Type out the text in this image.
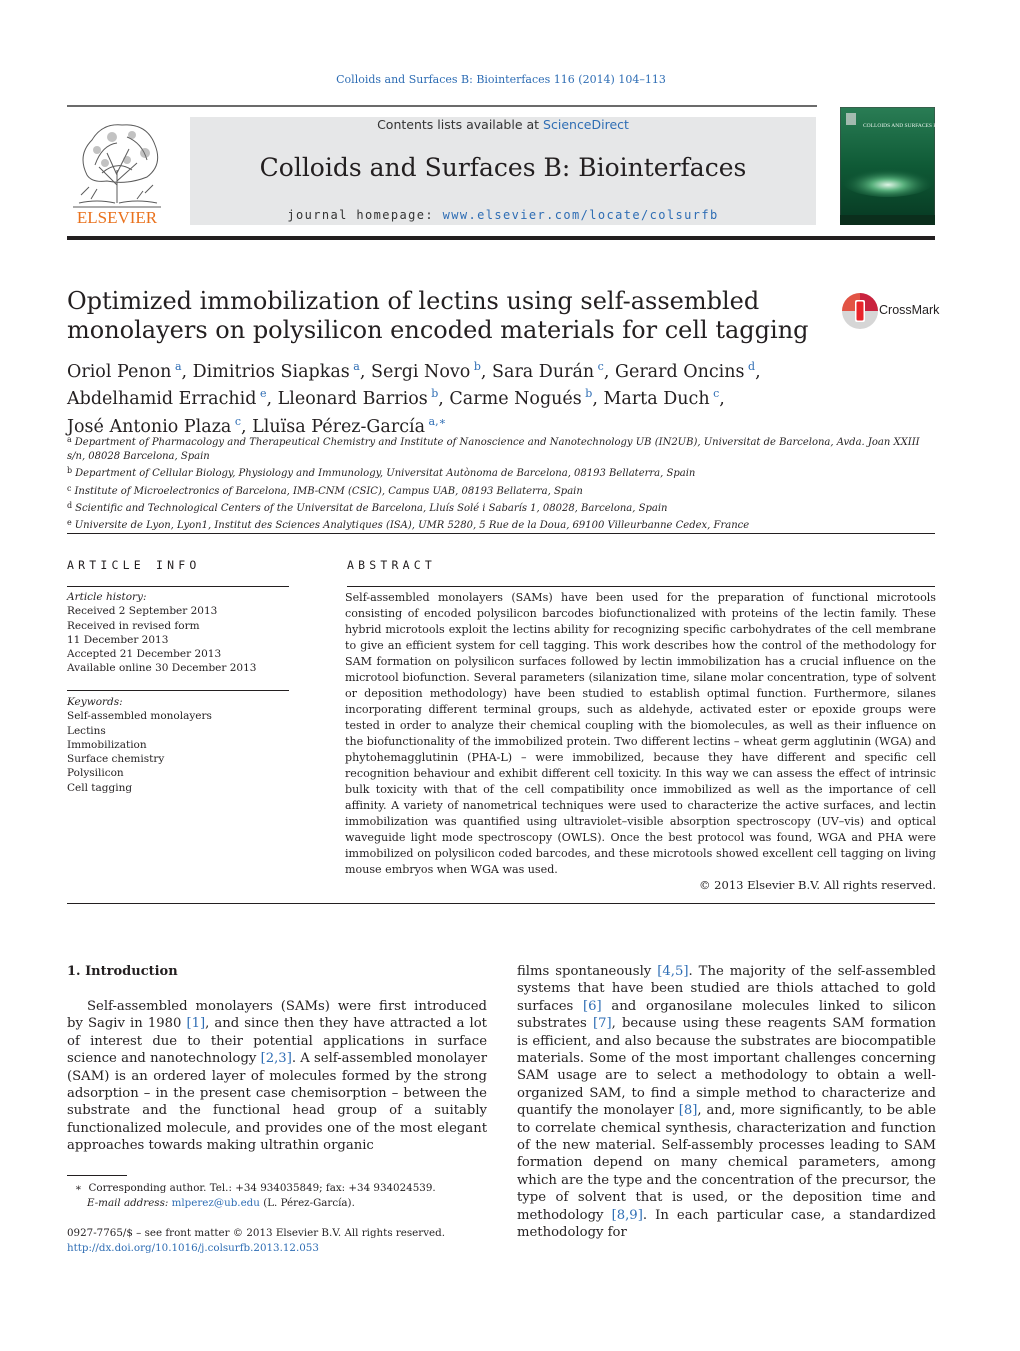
Colloids and Surfaces B: Biointerfaces 116 (2014) 104–113
ELSEVIER
Contents lists available at ScienceDirect
Colloids and Surfaces B: Biointerfaces
journal homepage: www.elsevier.com/locate/colsurfb
COLLOIDS AND SURFACES B
Optimized immobilization of lectins using self-assembled monolayers on polysilicon encoded materials for cell tagging
CrossMark
Oriol Penon  $^a$, Dimitrios Siapkas  $^a$, Sergi Novo  $^b$, Sara Durán  $^c$, Gerard Oncins  $^d$,
Abdelhamid Errachid  $^e$, Lleonard Barrios  $^b$, Carme Nogués  $^b$, Marta Duch  $^c$,
José Antonio Plaza  $^c$, Lluïsa Pérez-García  $^{a,∗}$
$^a$ Department of Pharmacology and Therapeutical Chemistry and Institute of Nanoscience and Nanotechnology UB (IN2UB), Universitat de Barcelona, Avda. Joan XXIII s/n, 08028 Barcelona, Spain
$^b$ Department of Cellular Biology, Physiology and Immunology, Universitat Autònoma de Barcelona, 08193 Bellaterra, Spain
$^c$ Institute of Microelectronics of Barcelona, IMB-CNM (CSIC), Campus UAB, 08193 Bellaterra, Spain
$^d$ Scientific and Technological Centers of the Universitat de Barcelona, Lluís Solé i Sabarís 1, 08028, Barcelona, Spain
$^e$ Universite de Lyon, Lyon1, Institut des Sciences Analytiques (ISA), UMR 5280, 5 Rue de la Doua, 69100 Villeurbanne Cedex, France
ARTICLE INFO
Article history:
Received 2 September 2013
Received in revised form
11 December 2013
Accepted 21 December 2013
Available online 30 December 2013
Keywords:
Self-assembled monolayers
Lectins
Immobilization
Surface chemistry
Polysilicon
Cell tagging
ABSTRACT
Self-assembled monolayers (SAMs) have been used for the preparation of functional microtools consisting of encoded polysilicon barcodes biofunctionalized with proteins of the lectin family. These hybrid microtools exploit the lectins ability for recognizing specific carbohydrates of the cell membrane to give an efficient system for cell tagging. This work describes how the control of the methodology for SAM formation on polysilicon surfaces followed by lectin immobilization has a crucial influence on the microtool biofunction. Several parameters (silanization time, silane molar concentration, type of solvent or deposition methodology) have been studied to establish optimal function. Furthermore, silanes incorporating different terminal groups, such as aldehyde, activated ester or epoxide groups were tested in order to analyze their chemical coupling with the biomolecules, as well as their influence on the biofunctionality of the immobilized protein. Two different lectins – wheat germ agglutinin (WGA) and phytohemagglutinin (PHA-L) – were immobilized, because they have different and specific cell recognition behaviour and exhibit different cell toxicity. In this way we can assess the effect of intrinsic bulk toxicity with that of the cell compatibility once immobilized as well as the importance of cell affinity. A variety of nanometrical techniques were used to characterize the active surfaces, and lectin immobilization was quantified using ultraviolet–visible absorption spectroscopy (UV–vis) and optical waveguide light mode spectroscopy (OWLS). Once the best protocol was found, WGA and PHA were immobilized on polysilicon coded barcodes, and these microtools showed excellent cell tagging on living mouse embryos when WGA was used.
© 2013 Elsevier B.V. All rights reserved.
1. Introduction

Self-assembled monolayers (SAMs) were first introduced by Sagiv in 1980 [1], and since then they have attracted a lot of interest due to their potential applications in surface science and nanotechnology [2,3]. A self-assembled monolayer (SAM) is an ordered layer of molecules formed by the strong adsorption – in the present case chemisorption – between the substrate and the functional head group of a suitably functionalized molecule, and provides one of the most elegant approaches towards making ultrathin organic

films spontaneously [4,5]. The majority of the self-assembled systems that have been studied are thiols attached to gold surfaces [6] and organosilane molecules linked to silicon substrates [7], because using these reagents SAM formation is efficient, and also because the substrates are biocompatible materials. Some of the most important challenges concerning SAM usage are to select a methodology to obtain a well-organized SAM, to find a simple method to characterize and quantify the monolayer [8], and, more significantly, to be able to correlate chemical synthesis, characterization and function of the new material. Self-assembly processes leading to SAM formation depend on many chemical parameters, among which are the type and the concentration of the precursor, the type of solvent that is used, or the deposition time and methodology [8,9]. In each particular case, a standardized methodology for

∗ Corresponding author. Tel.: +34 934035849; fax: +34 934024539.
E-mail address: mlperez@ub.edu (L. Pérez-García).
0927-7765/$ – see front matter © 2013 Elsevier B.V. All rights reserved.
http://dx.doi.org/10.1016/j.colsurfb.2013.12.053
